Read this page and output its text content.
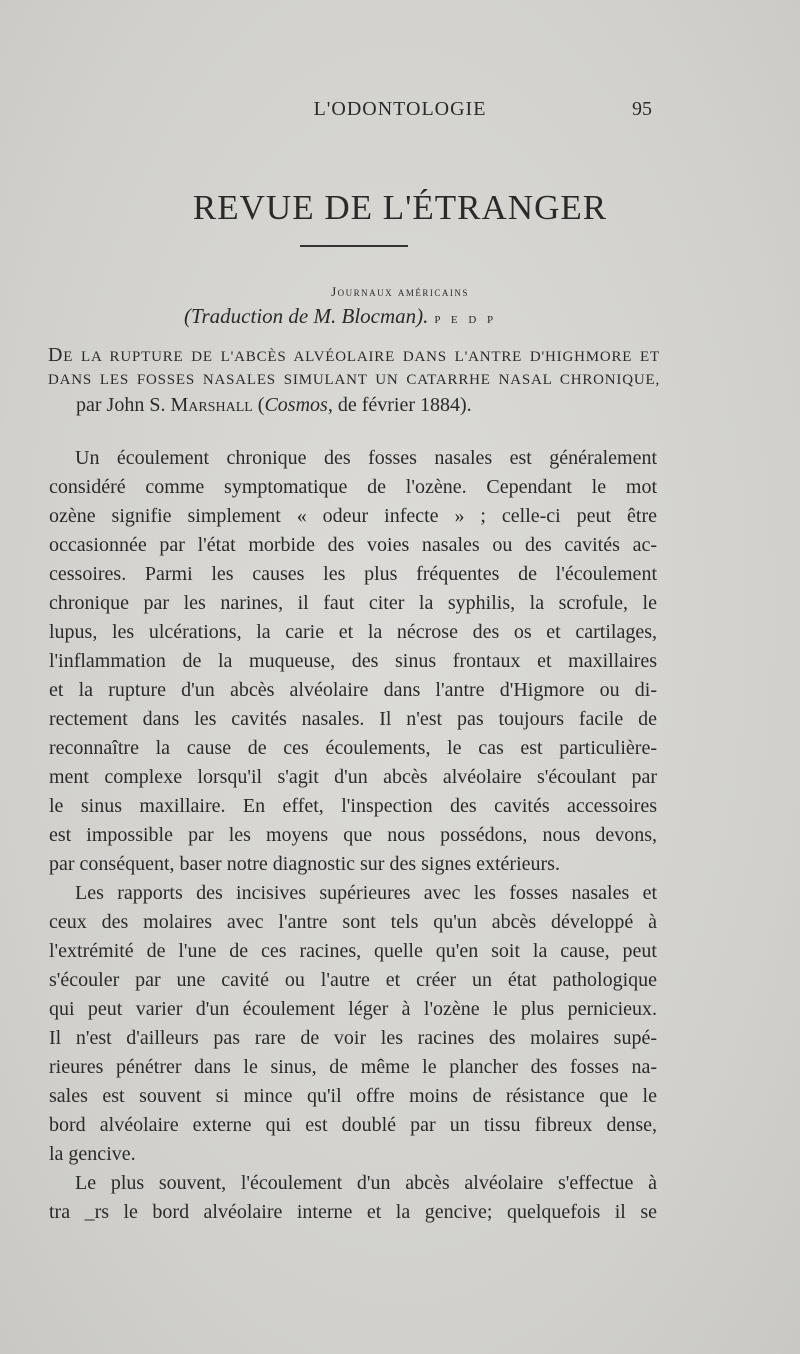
L'ODONTOLOGIE	95
REVUE DE L'ÉTRANGER
Journaux américains
(Traduction de M. Blocman). P E D P
DE LA RUPTURE DE L'ABCÈS ALVÉOLAIRE DANS L'ANTRE D'HIGHMORE ET
DANS LES FOSSES NASALES SIMULANT UN CATARRHE NASAL CHRONIQUE,
par John S. Marshall (Cosmos, de février 1884).
Un écoulement chronique des fosses nasales est généralement
considéré comme symptomatique de l'ozène. Cependant le mot
ozène signifie simplement « odeur infecte » ; celle-ci peut être
occasionnée par l'état morbide des voies nasales ou des cavités ac-
cessoires. Parmi les causes les plus fréquentes de l'écoulement
chronique par les narines, il faut citer la syphilis, la scrofule, le
lupus, les ulcérations, la carie et la nécrose des os et cartilages,
l'inflammation de la muqueuse, des sinus frontaux et maxillaires
et la rupture d'un abcès alvéolaire dans l'antre d'Higmore ou di-
rectement dans les cavités nasales. Il n'est pas toujours facile de
reconnaître la cause de ces écoulements, le cas est particulière-
ment complexe lorsqu'il s'agit d'un abcès alvéolaire s'écoulant par
le sinus maxillaire. En effet, l'inspection des cavités accessoires
est impossible par les moyens que nous possédons, nous devons,
par conséquent, baser notre diagnostic sur des signes extérieurs.
Les rapports des incisives supérieures avec les fosses nasales et
ceux des molaires avec l'antre sont tels qu'un abcès développé à
l'extrémité de l'une de ces racines, quelle qu'en soit la cause, peut
s'écouler par une cavité ou l'autre et créer un état pathologique
qui peut varier d'un écoulement léger à l'ozène le plus pernicieux.
Il n'est d'ailleurs pas rare de voir les racines des molaires supé-
rieures pénétrer dans le sinus, de même le plancher des fosses na-
sales est souvent si mince qu'il offre moins de résistance que le
bord alvéolaire externe qui est doublé par un tissu fibreux dense,
la gencive.
Le plus souvent, l'écoulement d'un abcès alvéolaire s'effectue à
tra _rs le bord alvéolaire interne et la gencive; quelquefois il se
